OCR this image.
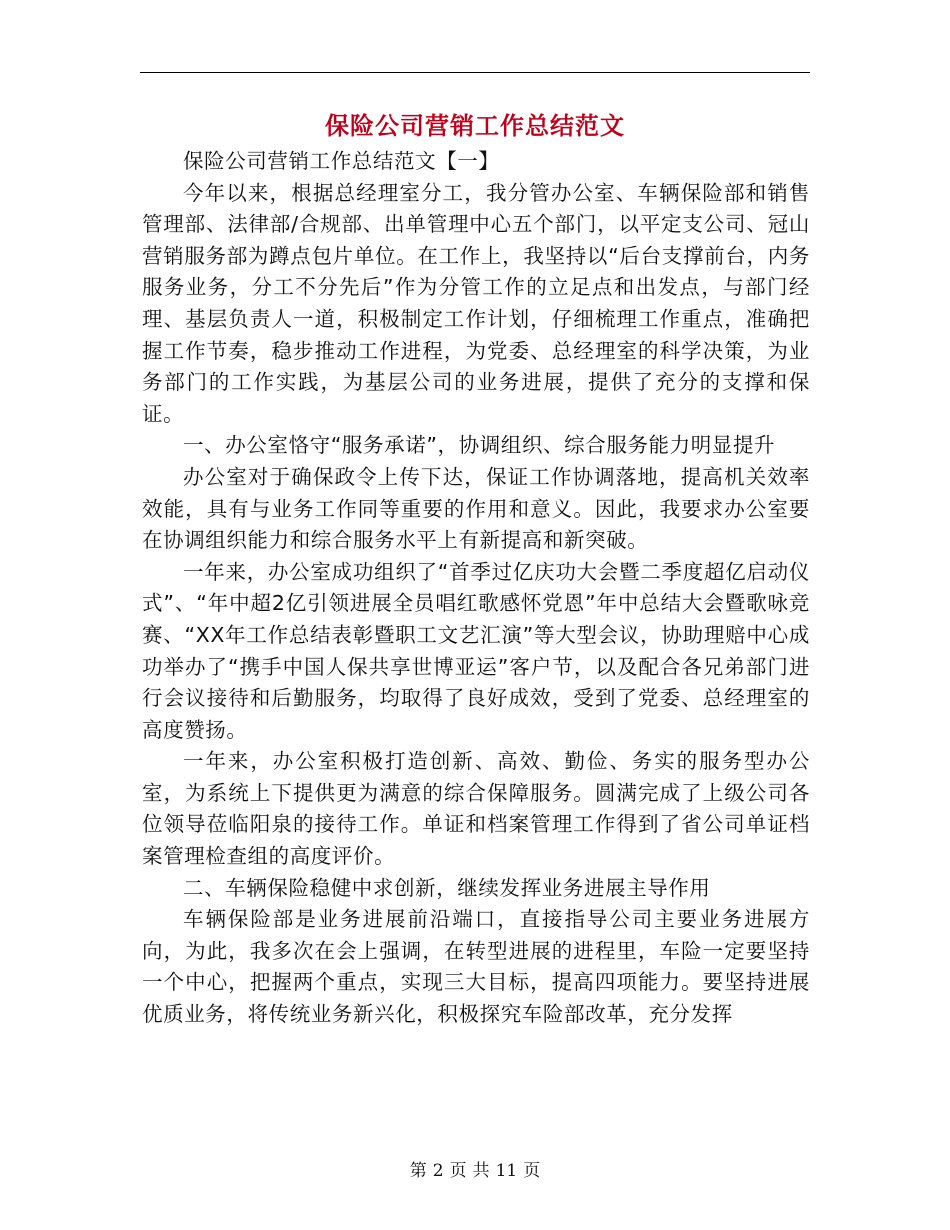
保险公司营销工作总结范文

保险公司营销工作总结范文【一】

今年以来，根据总经理室分工，我分管办公室、车辆保险部和销售管理部、法律部/合规部、出单管理中心五个部门，以平定支公司、冠山营销服务部为蹲点包片单位。在工作上，我坚持以“后台支撑前台，内务服务业务，分工不分先后”作为分管工作的立足点和出发点，与部门经理、基层负责人一道，积极制定工作计划，仔细梳理工作重点，准确把握工作节奏，稳步推动工作进程，为党委、总经理室的科学决策，为业务部门的工作实践，为基层公司的业务进展，提供了充分的支撑和保证。

一、办公室恪守“服务承诺”，协调组织、综合服务能力明显提升

办公室对于确保政令上传下达，保证工作协调落地，提高机关效率效能，具有与业务工作同等重要的作用和意义。因此，我要求办公室要在协调组织能力和综合服务水平上有新提高和新突破。

一年来，办公室成功组织了“首季过亿庆功大会暨二季度超亿启动仪式”、“年中超2亿引领进展全员唱红歌感怀党恩”年中总结大会暨歌咏竞赛、“XX年工作总结表彰暨职工文艺汇演”等大型会议，协助理赔中心成功举办了“携手中国人保共享世博亚运”客户节，以及配合各兄弟部门进行会议接待和后勤服务，均取得了良好成效，受到了党委、总经理室的高度赞扬。

一年来，办公室积极打造创新、高效、勤俭、务实的服务型办公室，为系统上下提供更为满意的综合保障服务。圆满完成了上级公司各位领导莅临阳泉的接待工作。单证和档案管理工作得到了省公司单证档案管理检查组的高度评价。

二、车辆保险稳健中求创新，继续发挥业务进展主导作用

车辆保险部是业务进展前沿端口，直接指导公司主要业务进展方向，为此，我多次在会上强调，在转型进展的进程里，车险一定要坚持一个中心，把握两个重点，实现三大目标，提高四项能力。要坚持进展优质业务，将传统业务新兴化，积极探究车险部改革，充分发挥

第 2 页 共 11 页
